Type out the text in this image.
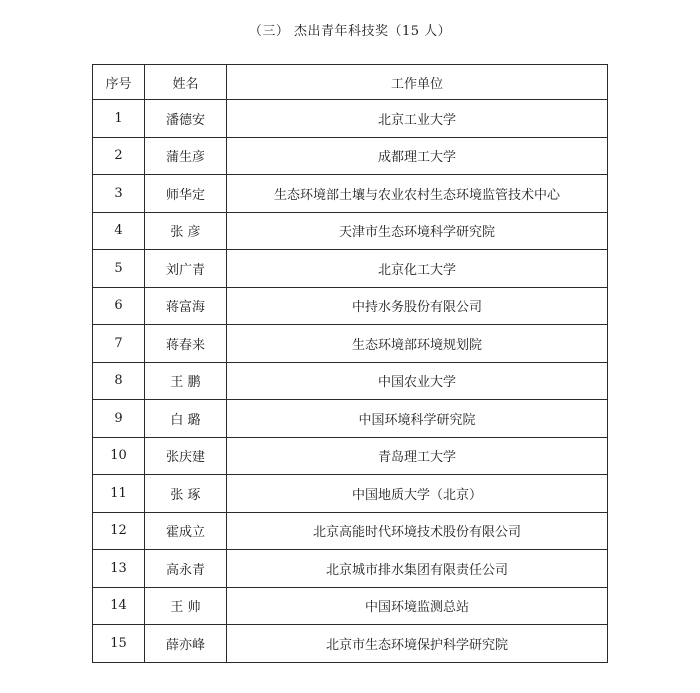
（三） 杰出青年科技奖（15 人）
序号	姓名	工作单位
1	潘德安	北京工业大学
2	蒲生彦	成都理工大学
3	师华定	生态环境部土壤与农业农村生态环境监管技术中心
4	张 彦	天津市生态环境科学研究院
5	刘广青	北京化工大学
6	蒋富海	中持水务股份有限公司
7	蒋春来	生态环境部环境规划院
8	王 鹏	中国农业大学
9	白 璐	中国环境科学研究院
10	张庆建	青岛理工大学
11	张 琢	中国地质大学（北京）
12	霍成立	北京高能时代环境技术股份有限公司
13	高永青	北京城市排水集团有限责任公司
14	王 帅	中国环境监测总站
15	薛亦峰	北京市生态环境保护科学研究院
